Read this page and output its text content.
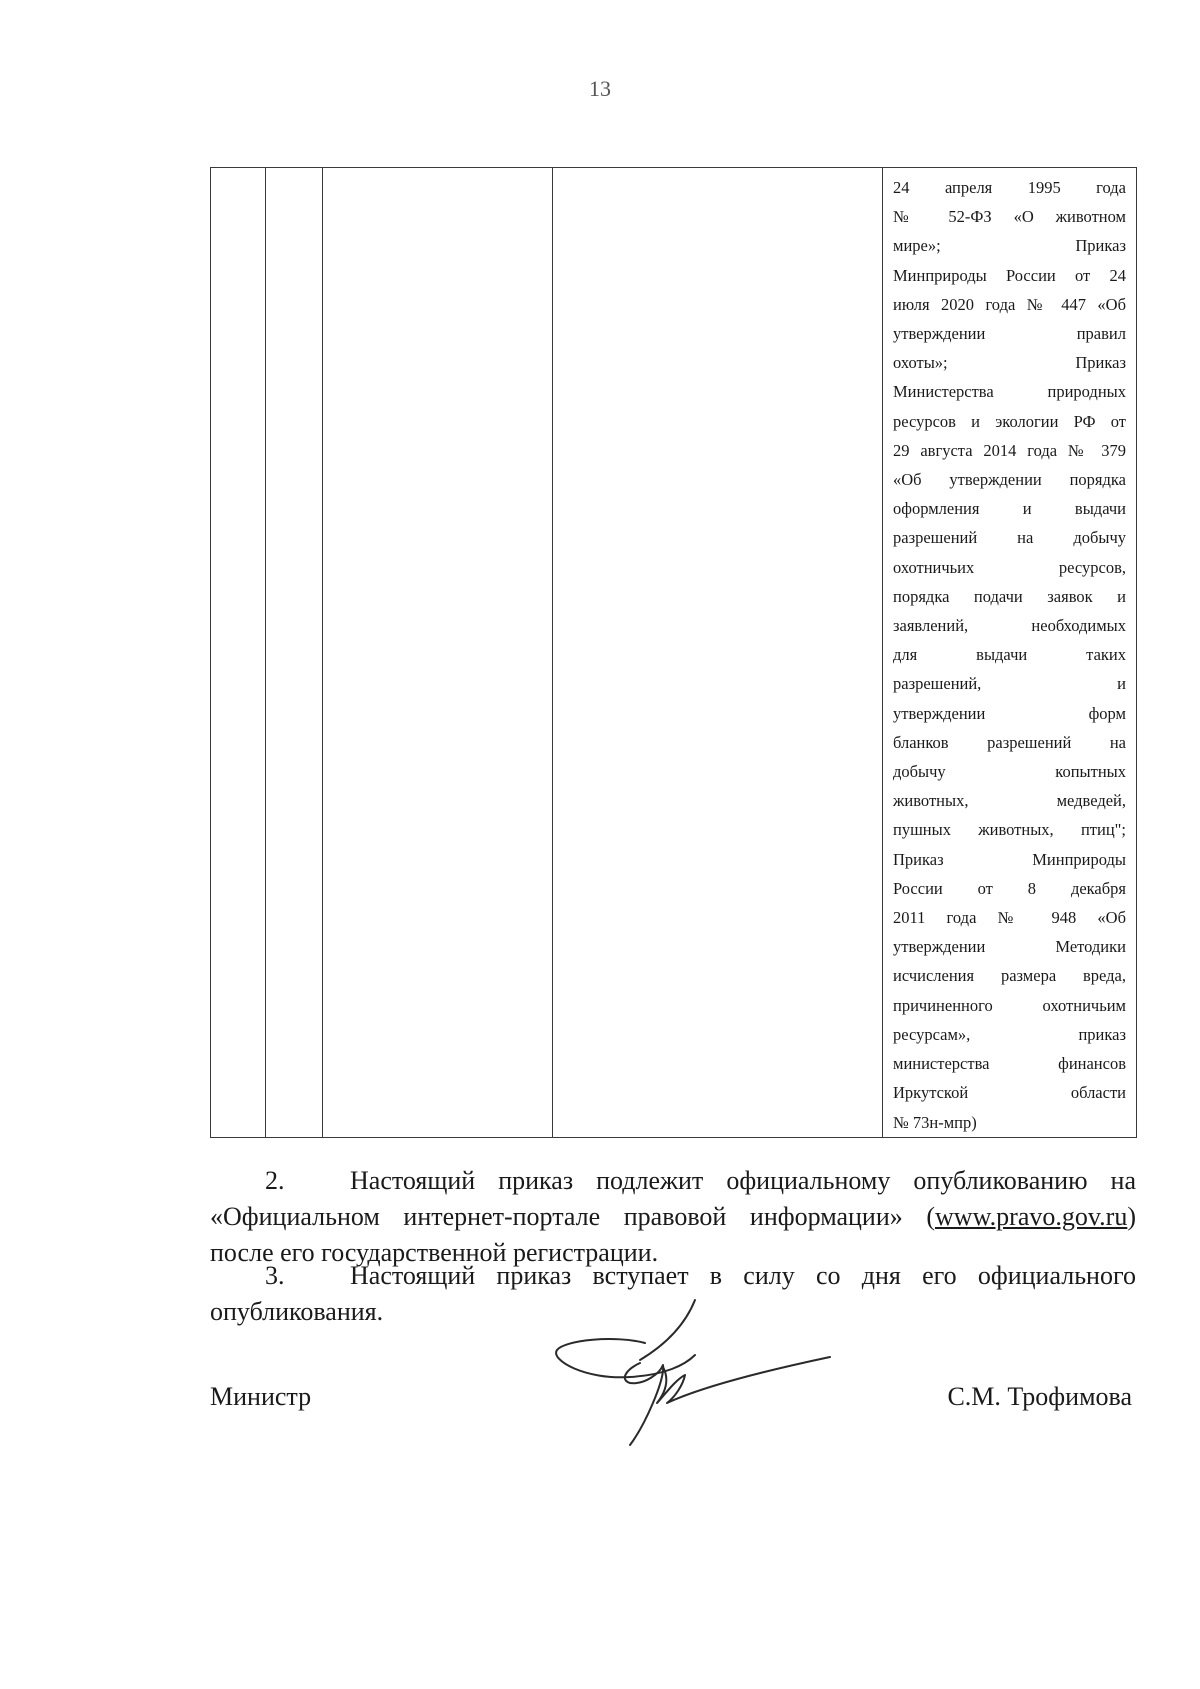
13

24 апреля 1995 года
№ 52-ФЗ «О животном
мире»; Приказ
Минприроды России от 24
июля 2020 года № 447 «Об
утверждении правил
охоты»; Приказ
Министерства природных
ресурсов и экологии РФ от
29 августа 2014 года № 379
«Об утверждении порядка
оформления и выдачи
разрешений на добычу
охотничьих ресурсов,
порядка подачи заявок и
заявлений, необходимых
для выдачи таких
разрешений, и
утверждении форм
бланков разрешений на
добычу копытных
животных, медведей,
пушных животных, птиц";
Приказ Минприроды
России от 8 декабря
2011 года № 948 «Об
утверждении Методики
исчисления размера вреда,
причиненного охотничьим
ресурсам», приказ
министерства финансов
Иркутской области
№ 73н-мпр)
2.	Настоящий приказ подлежит официальному опубликованию на
«Официальном интернет-портале правовой информации» (www.pravo.gov.ru)
после его государственной регистрации.
3.	Настоящий приказ вступает в силу со дня его официального
опубликования.
Министр	С.М. Трофимова
